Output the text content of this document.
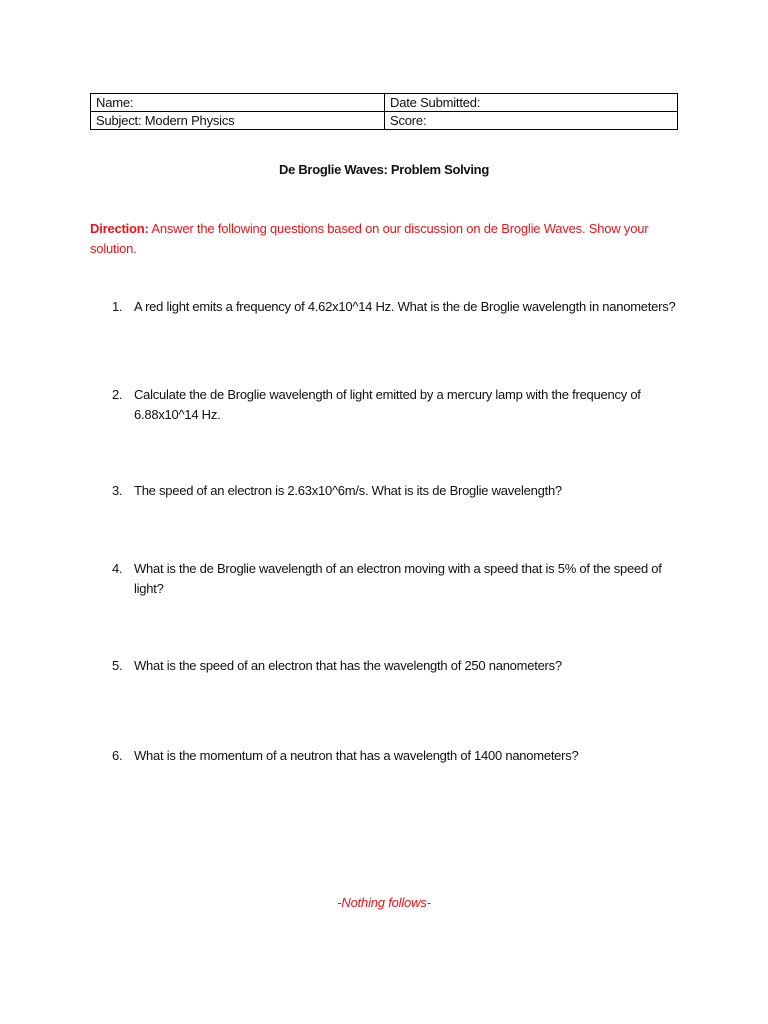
Name:	Date Submitted:
Subject: Modern Physics	Score:
De Broglie Waves: Problem Solving
Direction: Answer the following questions based on our discussion on de Broglie Waves. Show your solution.
1. A red light emits a frequency of 4.62x10^14 Hz. What is the de Broglie wavelength in nanometers?
2. Calculate the de Broglie wavelength of light emitted by a mercury lamp with the frequency of 6.88x10^14 Hz.
3. The speed of an electron is 2.63x10^6m/s. What is its de Broglie wavelength?
4. What is the de Broglie wavelength of an electron moving with a speed that is 5% of the speed of light?
5. What is the speed of an electron that has the wavelength of 250 nanometers?
6. What is the momentum of a neutron that has a wavelength of 1400 nanometers?
-Nothing follows-
